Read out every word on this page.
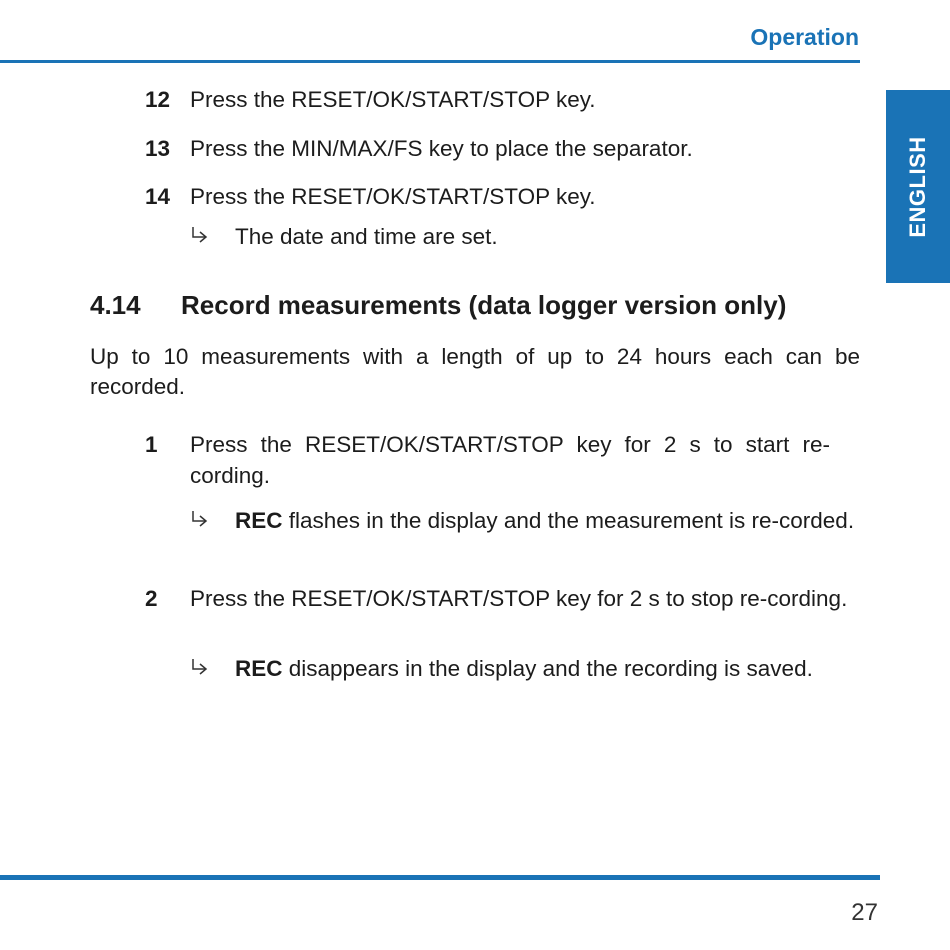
Operation
ENGLISH
12 Press the RESET/OK/START/STOP key.
13 Press the MIN/MAX/FS key to place the separator.
14 Press the RESET/OK/START/STOP key.
The date and time are set.
4.14 Record measurements (data logger version only)
Up to 10 measurements with a length of up to 24 hours each can be recorded.
1	Press the RESET/OK/START/STOP key for 2 s to start re-cording.
REC flashes in the display and the measurement is re-corded.
2	Press the RESET/OK/START/STOP key for 2 s to stop re-cording.
REC disappears in the display and the recording is saved.
27
